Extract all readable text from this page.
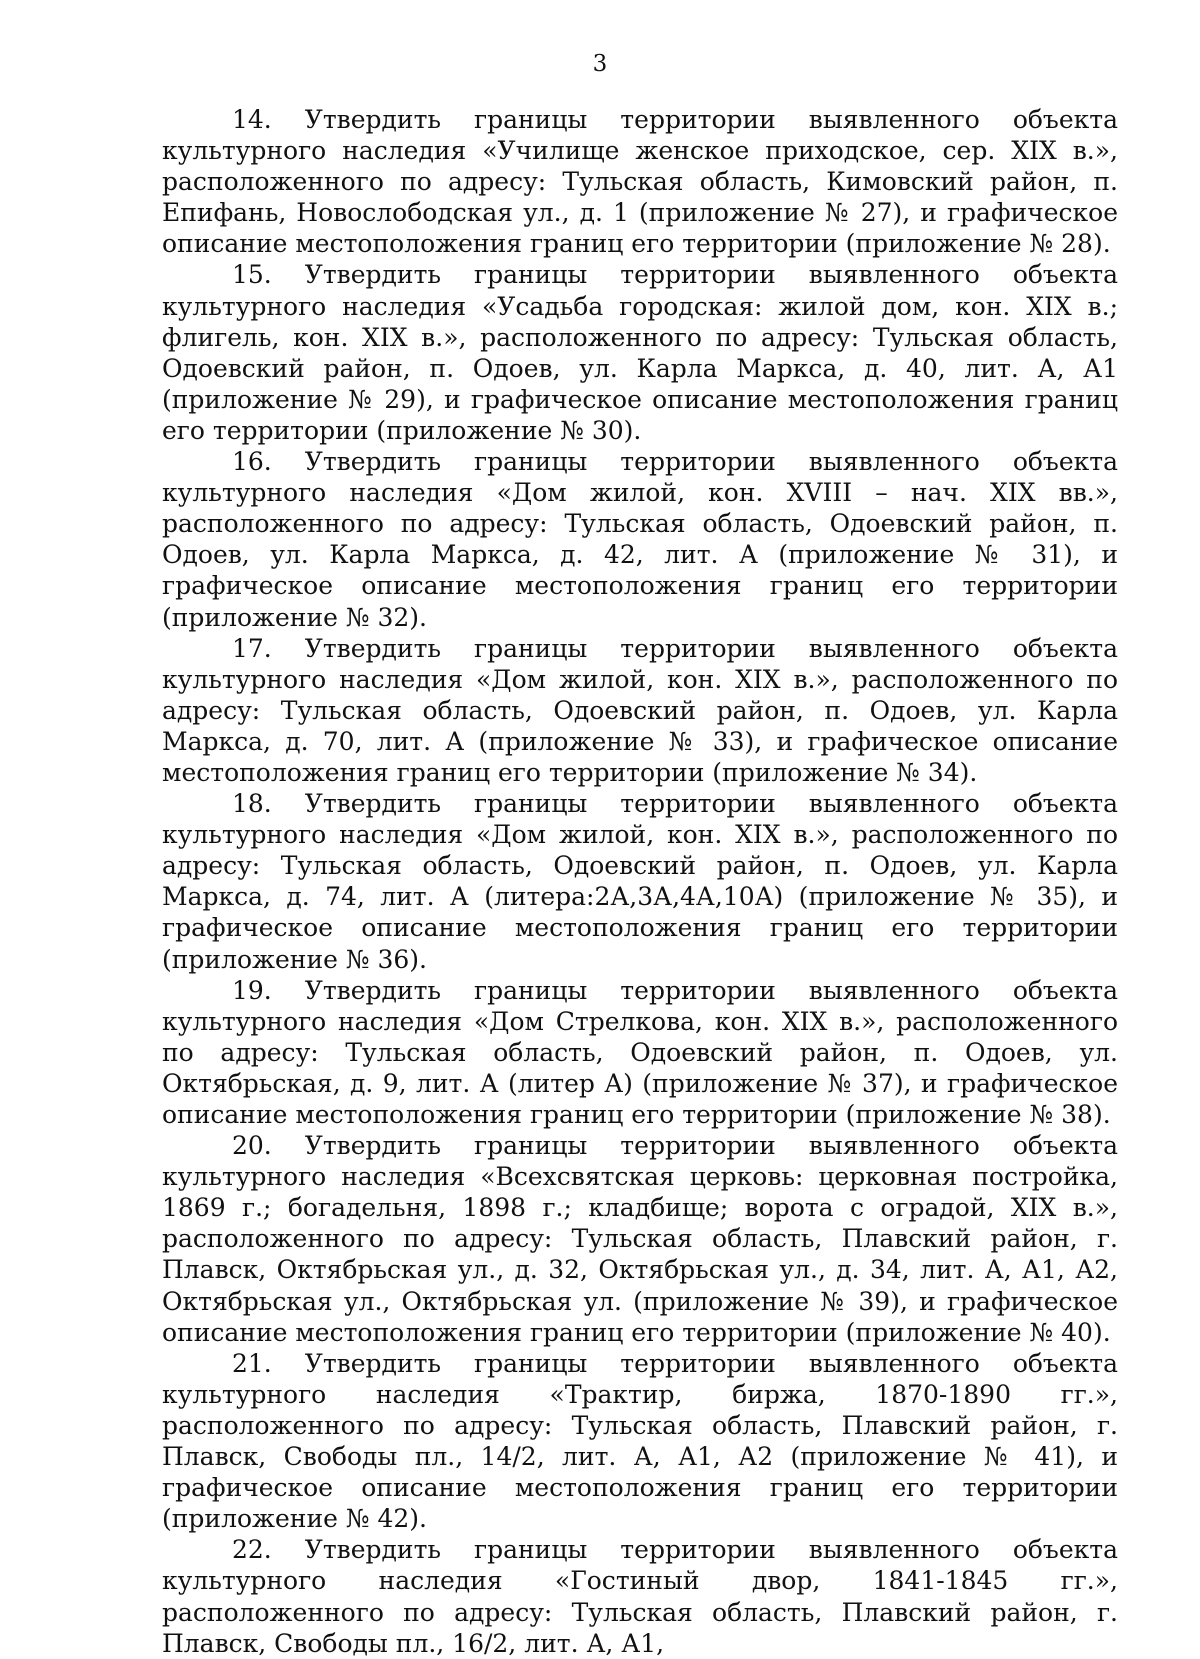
3

14. Утвердить границы территории выявленного объекта культурного наследия «Училище женское приходское, сер. XIX в.», расположенного по адресу: Тульская область, Кимовский район, п. Епифань, Новослободская ул., д. 1 (приложение № 27), и графическое описание местоположения границ его территории (приложение № 28).

15. Утвердить границы территории выявленного объекта культурного наследия «Усадьба городская: жилой дом, кон. XIX в.; флигель, кон. XIX в.», расположенного по адресу: Тульская область, Одоевский район, п. Одоев, ул. Карла Маркса, д. 40, лит. А, А1 (приложение № 29), и графическое описание местоположения границ его территории (приложение № 30).

16. Утвердить границы территории выявленного объекта культурного наследия «Дом жилой, кон. XVIII – нач. XIX вв.», расположенного по адресу: Тульская область, Одоевский район, п. Одоев, ул. Карла Маркса, д. 42, лит. А (приложение № 31), и графическое описание местоположения границ его территории (приложение № 32).

17. Утвердить границы территории выявленного объекта культурного наследия «Дом жилой, кон. XIX в.», расположенного по адресу: Тульская область, Одоевский район, п. Одоев, ул. Карла Маркса, д. 70, лит. А (приложение № 33), и графическое описание местоположения границ его территории (приложение № 34).

18. Утвердить границы территории выявленного объекта культурного наследия «Дом жилой, кон. XIX в.», расположенного по адресу: Тульская область, Одоевский район, п. Одоев, ул. Карла Маркса, д. 74, лит. А (литера:2А,3А,4А,10А) (приложение № 35), и графическое описание местоположения границ его территории (приложение № 36).

19. Утвердить границы территории выявленного объекта культурного наследия «Дом Стрелкова, кон. XIX в.», расположенного по адресу: Тульская область, Одоевский район, п. Одоев, ул. Октябрьская, д. 9, лит. А (литер А) (приложение № 37), и графическое описание местоположения границ его территории (приложение № 38).

20. Утвердить границы территории выявленного объекта культурного наследия «Всехсвятская церковь: церковная постройка, 1869 г.; богадельня, 1898 г.; кладбище; ворота с оградой, XIX в.», расположенного по адресу: Тульская область, Плавский район, г. Плавск, Октябрьская ул., д. 32, Октябрьская ул., д. 34, лит. А, А1, А2, Октябрьская ул., Октябрьская ул. (приложение № 39), и графическое описание местоположения границ его территории (приложение № 40).

21. Утвердить границы территории выявленного объекта культурного наследия «Трактир, биржа, 1870-1890 гг.», расположенного по адресу: Тульская область, Плавский район, г. Плавск, Свободы пл., 14/2, лит. А, А1, А2 (приложение № 41), и графическое описание местоположения границ его территории (приложение № 42).

22. Утвердить границы территории выявленного объекта культурного наследия «Гостиный двор, 1841-1845 гг.», расположенного по адресу: Тульская область, Плавский район, г. Плавск, Свободы пл., 16/2, лит. А, А1,
